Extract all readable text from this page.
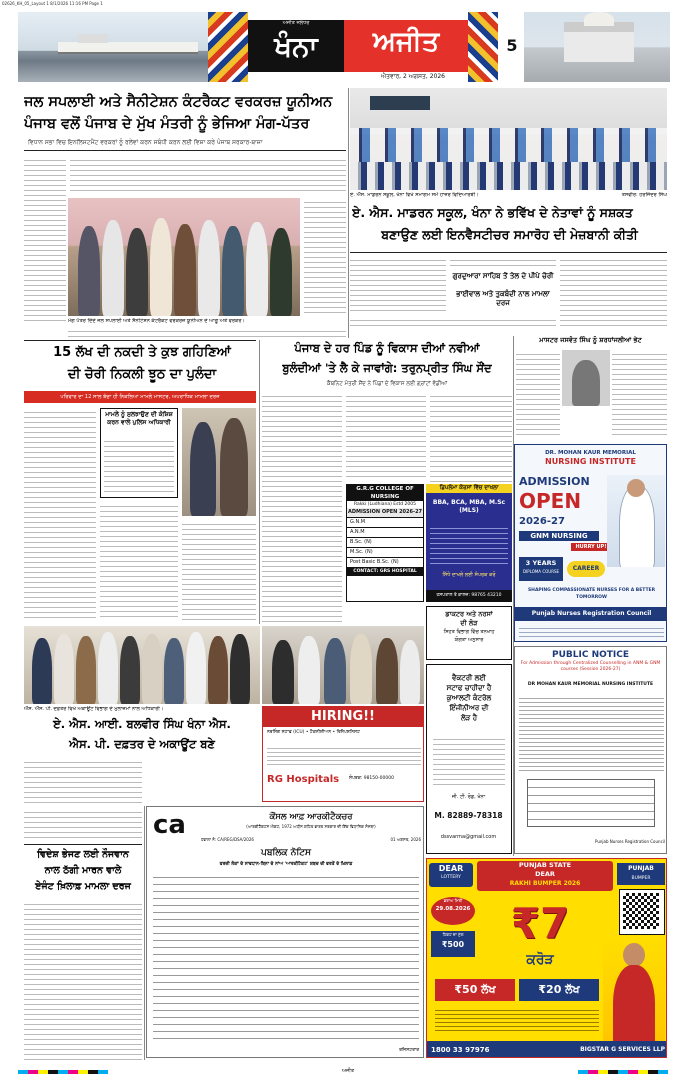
02626_KH_05_Layout 1 8/1/2026 11:16 PM Page 1
ਅਜੀਤ ਜਲੰਧਰ
ਖੰਨਾ	ਅਜੀਤ
ਐਤਵਾਰ, 2 ਅਗਸਤ, 2026
5
ਜਲ ਸਪਲਾਈ ਅਤੇ ਸੈਨੀਟੇਸ਼ਨ ਕੰਟਰੈਕਟ ਵਰਕਰਜ਼ ਯੂਨੀਅਨ
ਪੰਜਾਬ ਵਲੋਂ ਪੰਜਾਬ ਦੇ ਮੁੱਖ ਮੰਤਰੀ ਨੂੰ ਭੇਜਿਆ ਮੰਗ-ਪੱਤਰ
ਵਿਧਾਨ ਸਭਾ ਵਿਚ ਇਨਲਿਸਟਮੈਂਟ ਵਰਕਰਾਂ ਨੂੰ ਰਲੇਵਾਂ ਕਰਨ ਸਬੰਧੀ ਕਰਨ ਲਈ ਵਿਸ਼ਾ ਕਰੇ ਪੰਜਾਬ ਸਰਕਾਰ-ਬਾਜ਼ਾ
ਮੰਗ ਪੱਤਰ ਦਿੰਦੇ ਜਲ ਸਪਲਾਈ ਅਤੇ ਸੈਨੀਟੇਸ਼ਨ ਕੰਟਰੈਕਟ ਵਰਕਰਜ਼ ਯੂਨੀਅਨ ਦੇ ਆਗੂ ਅਤੇ ਵਰਕਰ।
ਏ. ਐੱਸ. ਮਾਡਰਨ ਸਕੂਲ, ਖੰਨਾ ਵਿਖੇ ਸਮਾਗਮ ਸਮੇਂ ਹਾਜ਼ਰ ਵਿਦਿਆਰਥੀ।	ਤਸਵੀਰ: ਹਰਜਿੰਦਰ ਸਿੰਘ
ਏ. ਐਸ. ਮਾਡਰਨ ਸਕੂਲ, ਖੰਨਾ ਨੇ ਭਵਿੱਖ ਦੇ ਨੇਤਾਵਾਂ ਨੂੰ ਸਸ਼ਕਤ
ਬਣਾਉਣ ਲਈ ਇਨਵੈਸਟੀਚਰ ਸਮਾਰੋਹ ਦੀ ਮੇਜ਼ਬਾਨੀ ਕੀਤੀ
ਗੁਰਦੁਆਰਾ ਸਾਹਿਬ ਤੋਂ ਤੇਲ ਦੇ ਪੀਪੇ ਚੋਰੀ
ਭਾਈਵਾਲ ਅਤੇ ਤੁਕਬੰਦੀ ਨਾਲ ਮਾਮਲਾ ਦਰਜ
15 ਲੱਖ ਦੀ ਨਕਦੀ ਤੇ ਕੁਝ ਗਹਿਣਿਆਂ
ਦੀ ਚੋਰੀ ਨਿਕਲੀ ਝੂਠ ਦਾ ਪੁਲੰਦਾ
ਪਰਿਵਾਰ ਦਾ 12 ਸਾਲ ਬੱਚਾ ਹੀ ਨਿਕਲਿਆ ਮਾਮਲੇ ਮਾਸਟਰ, ਅਪਰਾਧਿਕ ਮਾਮਲਾ ਦਰਜ
ਮਾਮਲੇ ਨੂੰ ਸੁਲਝਾਉਣ ਦੀ ਕੋਸ਼ਿਸ਼ ਕਰਨ ਵਾਲੇ ਪੁਲਿਸ ਅਧਿਕਾਰੀ
ਪੰਜਾਬ ਦੇ ਹਰ ਪਿੰਡ ਨੂੰ ਵਿਕਾਸ ਦੀਆਂ ਨਵੀਆਂ
ਬੁਲੰਦੀਆਂ 'ਤੇ ਲੈ ਕੇ ਜਾਵਾਂਗੇ: ਤਰੁਨਪ੍ਰੀਤ ਸਿੰਘ ਸੌਂਦ
ਕੈਬਨਿਟ ਮੰਤਰੀ ਸੌਂਦ ਨੇ ਪਿੰਡਾਂ ਦੇ ਵਿਕਾਸ ਲਈ ਗ੍ਰਾਂਟਾਂ ਵੰਡੀਆਂ
ਮਾਸਟਰ ਜਸਵੰਤ ਸਿੰਘ ਨੂੰ ਸ਼ਰਧਾਂਜਲੀਆਂ ਭੇਟ
ਡਿਪਲੋਮਾ ਕੋਰਸਾਂ ਵਿੱਚ ਦਾਖਲਾ
BBA, BCA, MBA, M.Sc (MLS)
ਸਿੱਧੇ ਦਾਖਲੇ ਲਈ ਸੰਪਰਕ ਕਰੋ
ਹਸਪਤਾਲ ਤੇ ਕਾਲਜ: 98765 43210
G.R.G COLLEGE OF NURSING
Rakki (Ludhiana) Estd 2005
ADMISSION OPEN 2026-27
G.N.M
A.N.M
B.Sc. (N)
M.Sc. (N)
Post Basic B.Sc. (N)
CONTACT: GRS HOSPITAL
ਡਾਕਟਰ ਅਤੇ ਨਰਸਾਂ
ਦੀ ਲੋੜ
ਸਿਹਤ ਵਿਭਾਗ ਵਿੱਚ ਤਨਖਾਹ
ਯੋਗਤਾ ਅਨੁਸਾਰ
ਵੈਕਟਰੀ ਲਈ
ਸਟਾਫ ਚਾਹੀਦਾ ਹੈ
ਕੁਆਲਟੀ ਕੰਟਰੋਲ
ਇੰਜੀਨੀਅਰ ਦੀ
ਲੋੜ ਹੈ
ਜੀ. ਟੀ. ਰੋਡ, ਖੰਨਾ
M. 82889-78318
dssvarma@gmail.com
DR. MOHAN KAUR MEMORIAL
NURSING INSTITUTE
ADMISSION
OPEN
2026-27
GNM NURSING
HURRY UP!
3 YEARS
DIPLOMA COURSE	CAREER
SHAPING COMPASSIONATE NURSES FOR A BETTER TOMORROW
Punjab Nurses Registration Council
PUBLIC NOTICE
For Admission through Centralized Counselling in ANM & GNM courses (Session 2026-27)
DR MOHAN KAUR MEMORIAL NURSING INSTITUTE
Punjab Nurses Registration Council
ਐੱਸ. ਐੱਸ. ਪੀ. ਦਫ਼ਤਰ ਵਿਖੇ ਅਕਾਊਂਟ ਵਿਭਾਗ ਦੇ ਮੁਲਾਜ਼ਮਾਂ ਨਾਲ ਅਧਿਕਾਰੀ।
ਏ. ਐਸ. ਆਈ. ਬਲਵੀਰ ਸਿੰਘ ਖੰਨਾ ਐਸ.
ਐਸ. ਪੀ. ਦਫ਼ਤਰ ਦੇ ਅਕਾਊਂਟ ਬਣੇ
HIRING!!
ਨਰਸਿੰਗ ਸਟਾਫ (ICU) • ਟੈਕਨੀਸ਼ੀਅਨ • ਰਿਸੈਪਸ਼ਨਿਸਟ
RG Hospitals	ਸੰਪਰਕ: 98150-00000
ਵਿਦੇਸ਼ ਭੇਜਣ ਲਈ ਨੌਜਵਾਨ
ਨਾਲ ਠੱਗੀ ਮਾਰਨ ਵਾਲੇ
ਏਜੰਟ ਖ਼ਿਲਾਫ਼ ਮਾਮਲਾ ਦਰਜ
ca	ਕੌਂਸਲ ਆਫ਼ ਆਰਕੀਟੈਕਚਰ
(ਆਰਕੀਟੈਕਟਸ ਐਕਟ, 1972 ਅਧੀਨ ਗਠਿਤ ਭਾਰਤ ਸਰਕਾਰ ਦੀ ਇੱਕ ਵਿਧਾਨਿਕ ਸੰਸਥਾ)
ਹਵਾਲਾ ਨੰ: CA/REG/DSA/2026	01 ਅਗਸਤ, 2026
ਪਬਲਿਕ ਨੋਟਿਸ
ਫਰਜ਼ੀ ਲੋਕਾਂ ਦੇ ਸਾਵਧਾਨ-ਬਿਨਾ ਦੇ ਨਾਂਅ 'ਆਰਕੀਟੈਕਟ' ਸ਼ਬਦ ਦੀ ਵਰਤੋਂ ਦੇ ਖ਼ਿਲਾਫ਼
ਰਜਿਸਟਰਾਰ
DEAR
LOTTERY
PUNJAB STATE
DEAR
RAKHI BUMPER 2026
PUNJAB
BUMPER
ਡਰਾਅ ਮਿਤੀ
29.08.2026
ਟਿਕਟ ਦਾ ਮੁੱਲ
₹500	₹7
ਕਰੋੜ
₹50 ਲੱਖ	₹20 ਲੱਖ
1800 33 97976	BIGSTAR G SERVICES LLP
ਅਜੀਤ
